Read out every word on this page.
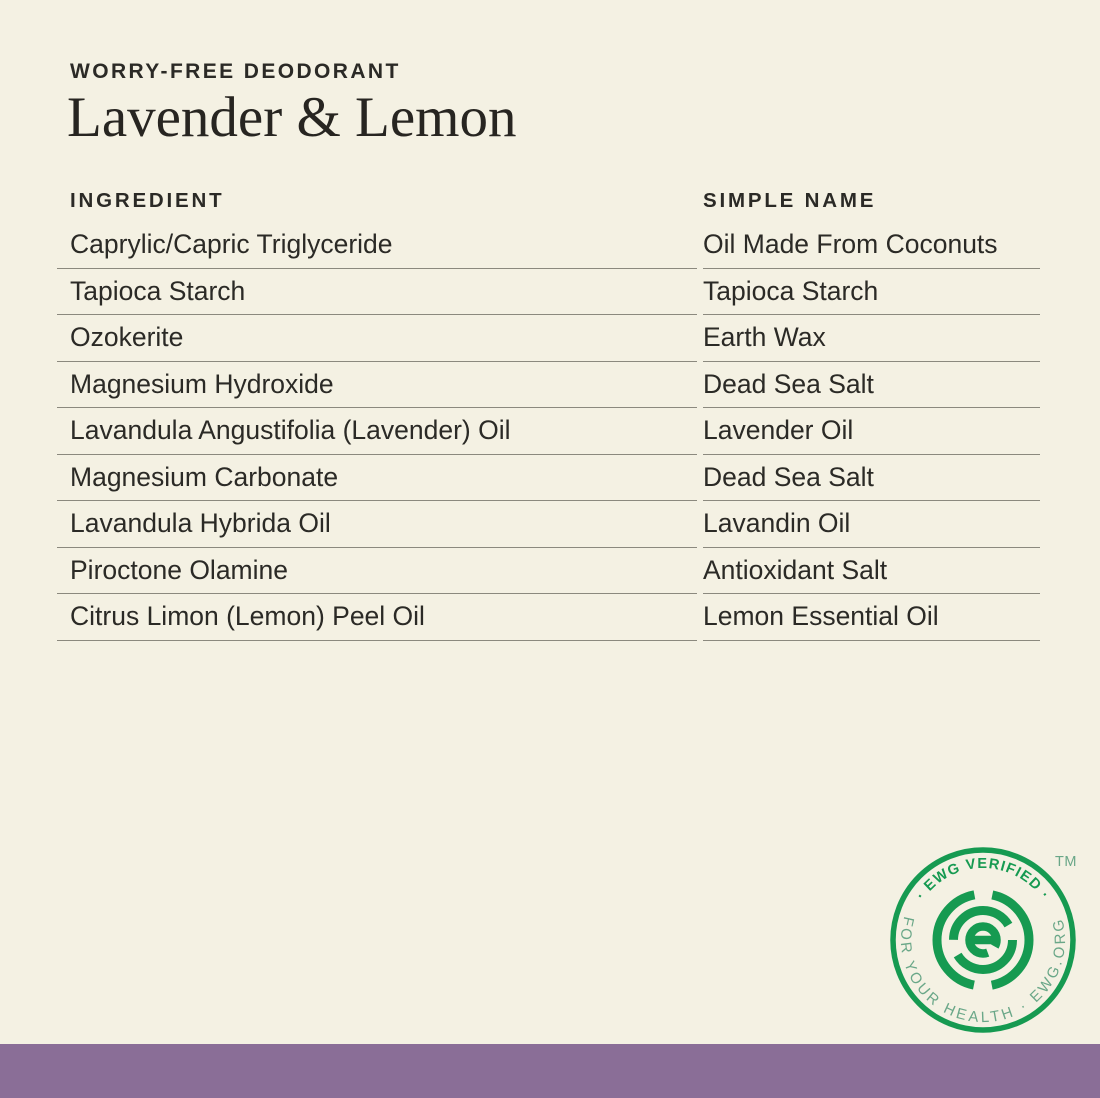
WORRY-FREE DEODORANT
Lavender & Lemon
INGREDIENT	SIMPLE NAME
Caprylic/Capric Triglyceride	Oil Made From Coconuts
Tapioca Starch	Tapioca Starch
Ozokerite	Earth Wax
Magnesium Hydroxide	Dead Sea Salt
Lavandula Angustifolia (Lavender) Oil	Lavender Oil
Magnesium Carbonate	Dead Sea Salt
Lavandula Hybrida Oil	Lavandin Oil
Piroctone Olamine	Antioxidant Salt
Citrus Limon (Lemon) Peel Oil	Lemon Essential Oil
· EWG VERIFIED ·
FOR YOUR HEALTH · EWG.ORG
TM
